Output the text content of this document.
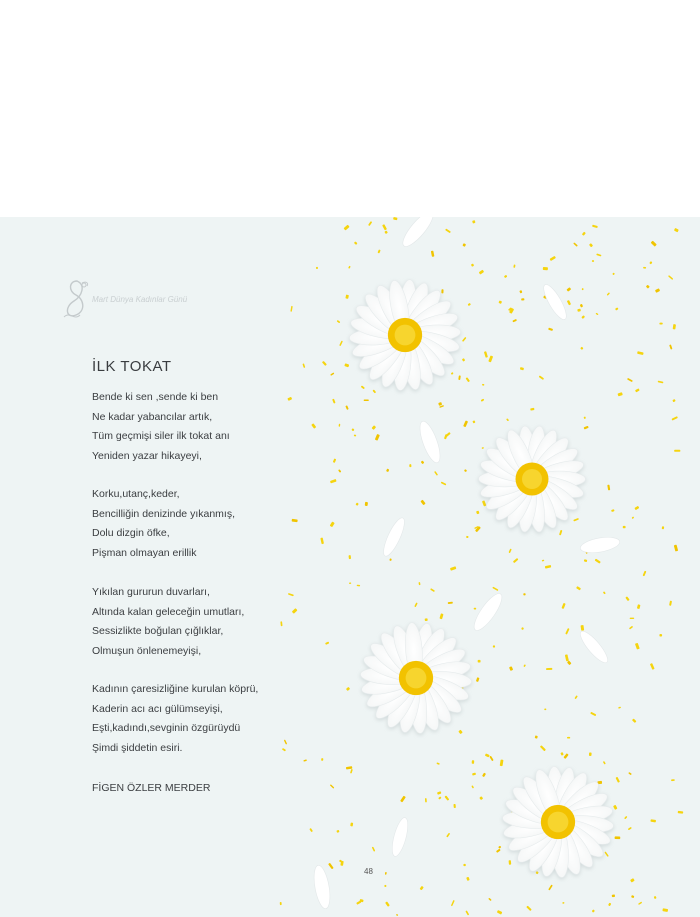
Mart Dünya Kadınlar Günü
İLK TOKAT
Bende ki sen ,sende ki ben
Ne kadar yabancılar artık,
Tüm geçmişi siler ilk tokat anı
Yeniden yazar hikayeyi,
Korku,utanç,keder,
Bencilliğin denizinde yıkanmış,
Dolu dizgin öfke,
Pişman olmayan erillik
Yıkılan gururun duvarları,
Altında kalan geleceğin umutları,
Sessizlikte boğulan çığlıklar,
Olmuşun önlenemeyişi,
Kadının çaresizliğine kurulan köprü,
Kaderin acı acı gülümseyişi,
Eşti,kadındı,sevginin özgürüydü
Şimdi şiddetin esiri.
FİGEN ÖZLER MERDER
48
